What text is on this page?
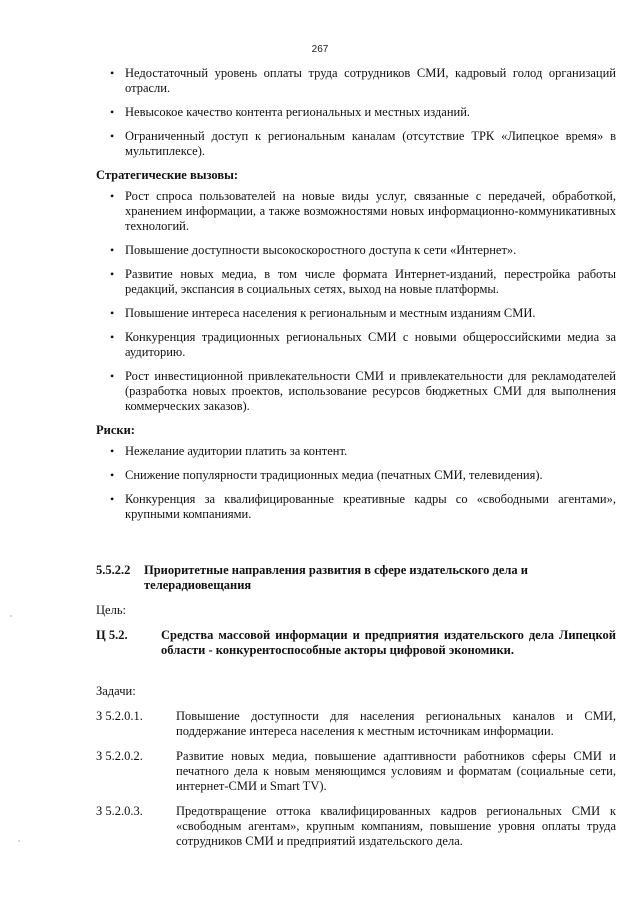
267
• Недостаточный уровень оплаты труда сотрудников СМИ, кадровый голод организаций отрасли.
• Невысокое качество контента региональных и местных изданий.
• Ограниченный доступ к региональным каналам (отсутствие ТРК «Липецкое время» в мультиплексе).
Стратегические вызовы:
• Рост спроса пользователей на новые виды услуг, связанные с передачей, обработкой, хранением информации, а также возможностями новых информационно-коммуникативных технологий.
• Повышение доступности высокоскоростного доступа к сети «Интернет».
• Развитие новых медиа, в том числе формата Интернет-изданий, перестройка работы редакций, экспансия в социальных сетях, выход на новые платформы.
• Повышение интереса населения к региональным и местным изданиям СМИ.
• Конкуренция традиционных региональных СМИ с новыми общероссийскими медиа за аудиторию.
• Рост инвестиционной привлекательности СМИ и привлекательности для рекламодателей (разработка новых проектов, использование ресурсов бюджетных СМИ для выполнения коммерческих заказов).
Риски:
• Нежелание аудитории платить за контент.
• Снижение популярности традиционных медиа (печатных СМИ, телевидения).
• Конкуренция за квалифицированные креативные кадры со «свободными агентами», крупными компаниями.
5.5.2.2	Приоритетные направления развития в сфере издательского дела и телерадиовещания
Цель:
Ц 5.2.	Средства массовой информации и предприятия издательского дела Липецкой области - конкурентоспособные акторы цифровой экономики.
Задачи:
З 5.2.0.1.	Повышение доступности для населения региональных каналов и СМИ, поддержание интереса населения к местным источникам информации.
З 5.2.0.2.	Развитие новых медиа, повышение адаптивности работников сферы СМИ и печатного дела к новым меняющимся условиям и форматам (социальные сети, интернет-СМИ и Smart TV).
З 5.2.0.3.	Предотвращение оттока квалифицированных кадров региональных СМИ к «свободным агентам», крупным компаниям, повышение уровня оплаты труда сотрудников СМИ и предприятий издательского дела.
